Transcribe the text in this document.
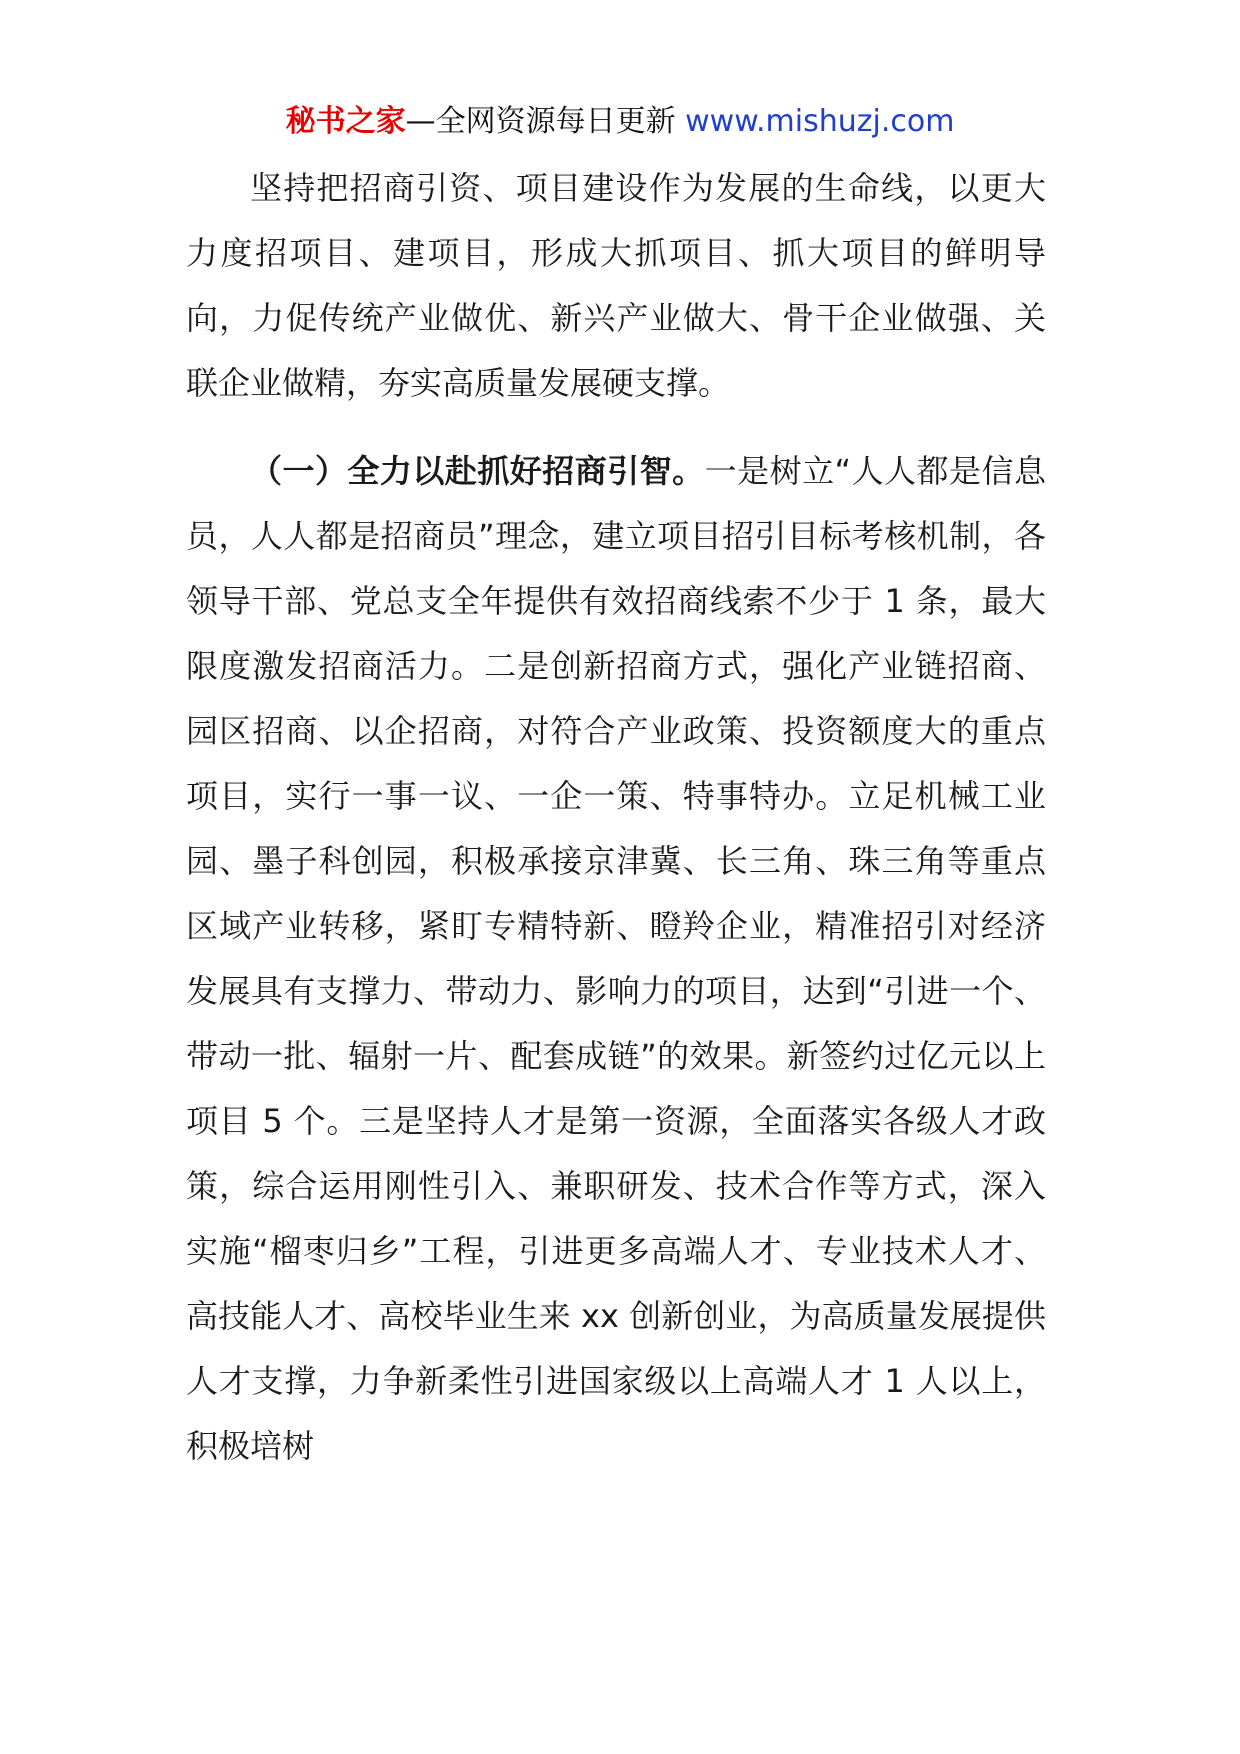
秘书之家—全网资源每日更新 www.mishuzj.com

坚持把招商引资、项目建设作为发展的生命线，以更大力度招项目、建项目，形成大抓项目、抓大项目的鲜明导向，力促传统产业做优、新兴产业做大、骨干企业做强、关联企业做精，夯实高质量发展硬支撑。

（一）全力以赴抓好招商引智。一是树立“人人都是信息员，人人都是招商员”理念，建立项目招引目标考核机制，各领导干部、党总支全年提供有效招商线索不少于 1 条，最大限度激发招商活力。二是创新招商方式，强化产业链招商、园区招商、以企招商，对符合产业政策、投资额度大的重点项目，实行一事一议、一企一策、特事特办。立足机械工业园、墨子科创园，积极承接京津冀、长三角、珠三角等重点区域产业转移，紧盯专精特新、瞪羚企业，精准招引对经济发展具有支撑力、带动力、影响力的项目，达到“引进一个、带动一批、辐射一片、配套成链”的效果。新签约过亿元以上项目 5 个。三是坚持人才是第一资源，全面落实各级人才政策，综合运用刚性引入、兼职研发、技术合作等方式，深入实施“榴枣归乡”工程，引进更多高端人才、专业技术人才、高技能人才、高校毕业生来 xx 创新创业，为高质量发展提供人才支撑，力争新柔性引进国家级以上高端人才 1 人以上，积极培树
